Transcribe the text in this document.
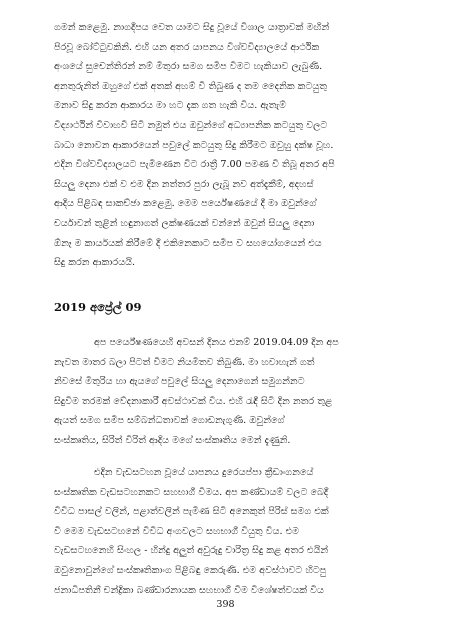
ගමන් කළෙමු. නාගදීපය වෙත යාමට සිදු වූයේ විශාල යාත්‍රාවක් මඟින්
පිරවූ බෝට්ටුවකිනි. එහි යන අතර යාපනය විශ්වවිද්‍යාලයේ ආර්ථික
අංශයේ සුචෙන්තිරන් නම් මිතුරා සමග සමීප වීමට හැකියාව ලැබුණි.
අනතුරුනිත් ඔහුගේ එක් අතක් අහම් වී තිබුණ ද තම දෛනික කටයුතු
මනාව සිදු කරන ආකාරය මා හට දැක ගත හැකි විය. ඇතැම්
විද්‍යාර්ථින් විවාහවී සිටි නමුත් එය ඔවුන්ගේ අධ්‍යාපනික කටයුතු වලට
බාධා නොවන ආකාරයෙන් පවුලේ කටයුතු සිදු කිරීමට ඔවුහු දක්ෂ වූහ.
එදින විශ්වවිද්‍යාලයට පැමිණෙන විට රාත්‍රී 7.00 පමණ වී තිබූ අතර අපි
සියලු දෙනා එක් ව එම දින නත්තර පුරා ලැබූ නව අත්දැකීම්, අදහස්
ආදිය පිළිබඳ සාකච්ඡා කළෙමු. මෙම පර්යේෂණයේ දී මා ඔවුන්ගේ
චර්යාවන් තුළින් හඳුනාගත් ලක්ෂණයක් වන්නේ ඔවුන් සියලු දෙනා
ඕනෑ ම කාර්යයක් කිරීමේ දී එකිනෙකාට සමීප ව සහයෝගයෙන් එය
සිදු කරන ආකාරයයි.
2019 අප්‍රේල් 09
අප පර්යේෂණයෙහි අවසන් දිනය එනම් 2019.04.09 දින අප
නැවත මාතර බලා පිටත් වීමට නියමිතව තිබුණි. මා හවාහැන් ගත්
නිවසේ මිතුරිය හා ඇයගේ පවුලේ සියලු දෙනාගෙන් සමුගන්නට
සිදුවීම තරමක් වේදනාකාරී අවස්ථාවක් විය. එහි රැඳී සිටි දින නතර තුළ
ඇයත් සමග සමීප සම්බන්ධතාවක් ගොඩනැගුණි. ඔවුන්ගේ
සංස්කෘතිය, සිරිත් විරිත් ආදිය මගේ සංස්කෘතිය මෙන් දැණුනි.
එදින වැඩසටහන වූයේ යාපනය දුරෙයප්පා ක්‍රීඩාංගනයේ
සංස්කෘතික වැඩසටහනකට සහභාගී වීමය. අප කණ්ඩායම් වලට බෙදී
විවිධ පාසල් වලින්, පළාත්වලින් පැමිණ සිටි අනෙකුත් පිරිස් සමග එක්
වී මෙම වැඩසටහනේ විවිධ අංගවලට සහභාගී වියුතු විය. එම
වැඩසටහනෙහි සිංහල - හින්දු අලුත් අවුරුදු චාරිත්‍ර සිදු කළ අතර එයින්
ඔවුනොවුන්ගේ සංස්කෘතිකාංග පිළිබඳු කෙරුණි. එම අවස්ථාවට හිටපු
ජනාධිපතිනී චන්ද්‍රිකා බණ්ඩාරනායක සහභාගී වීම විශේෂත්වයක් විය
398
